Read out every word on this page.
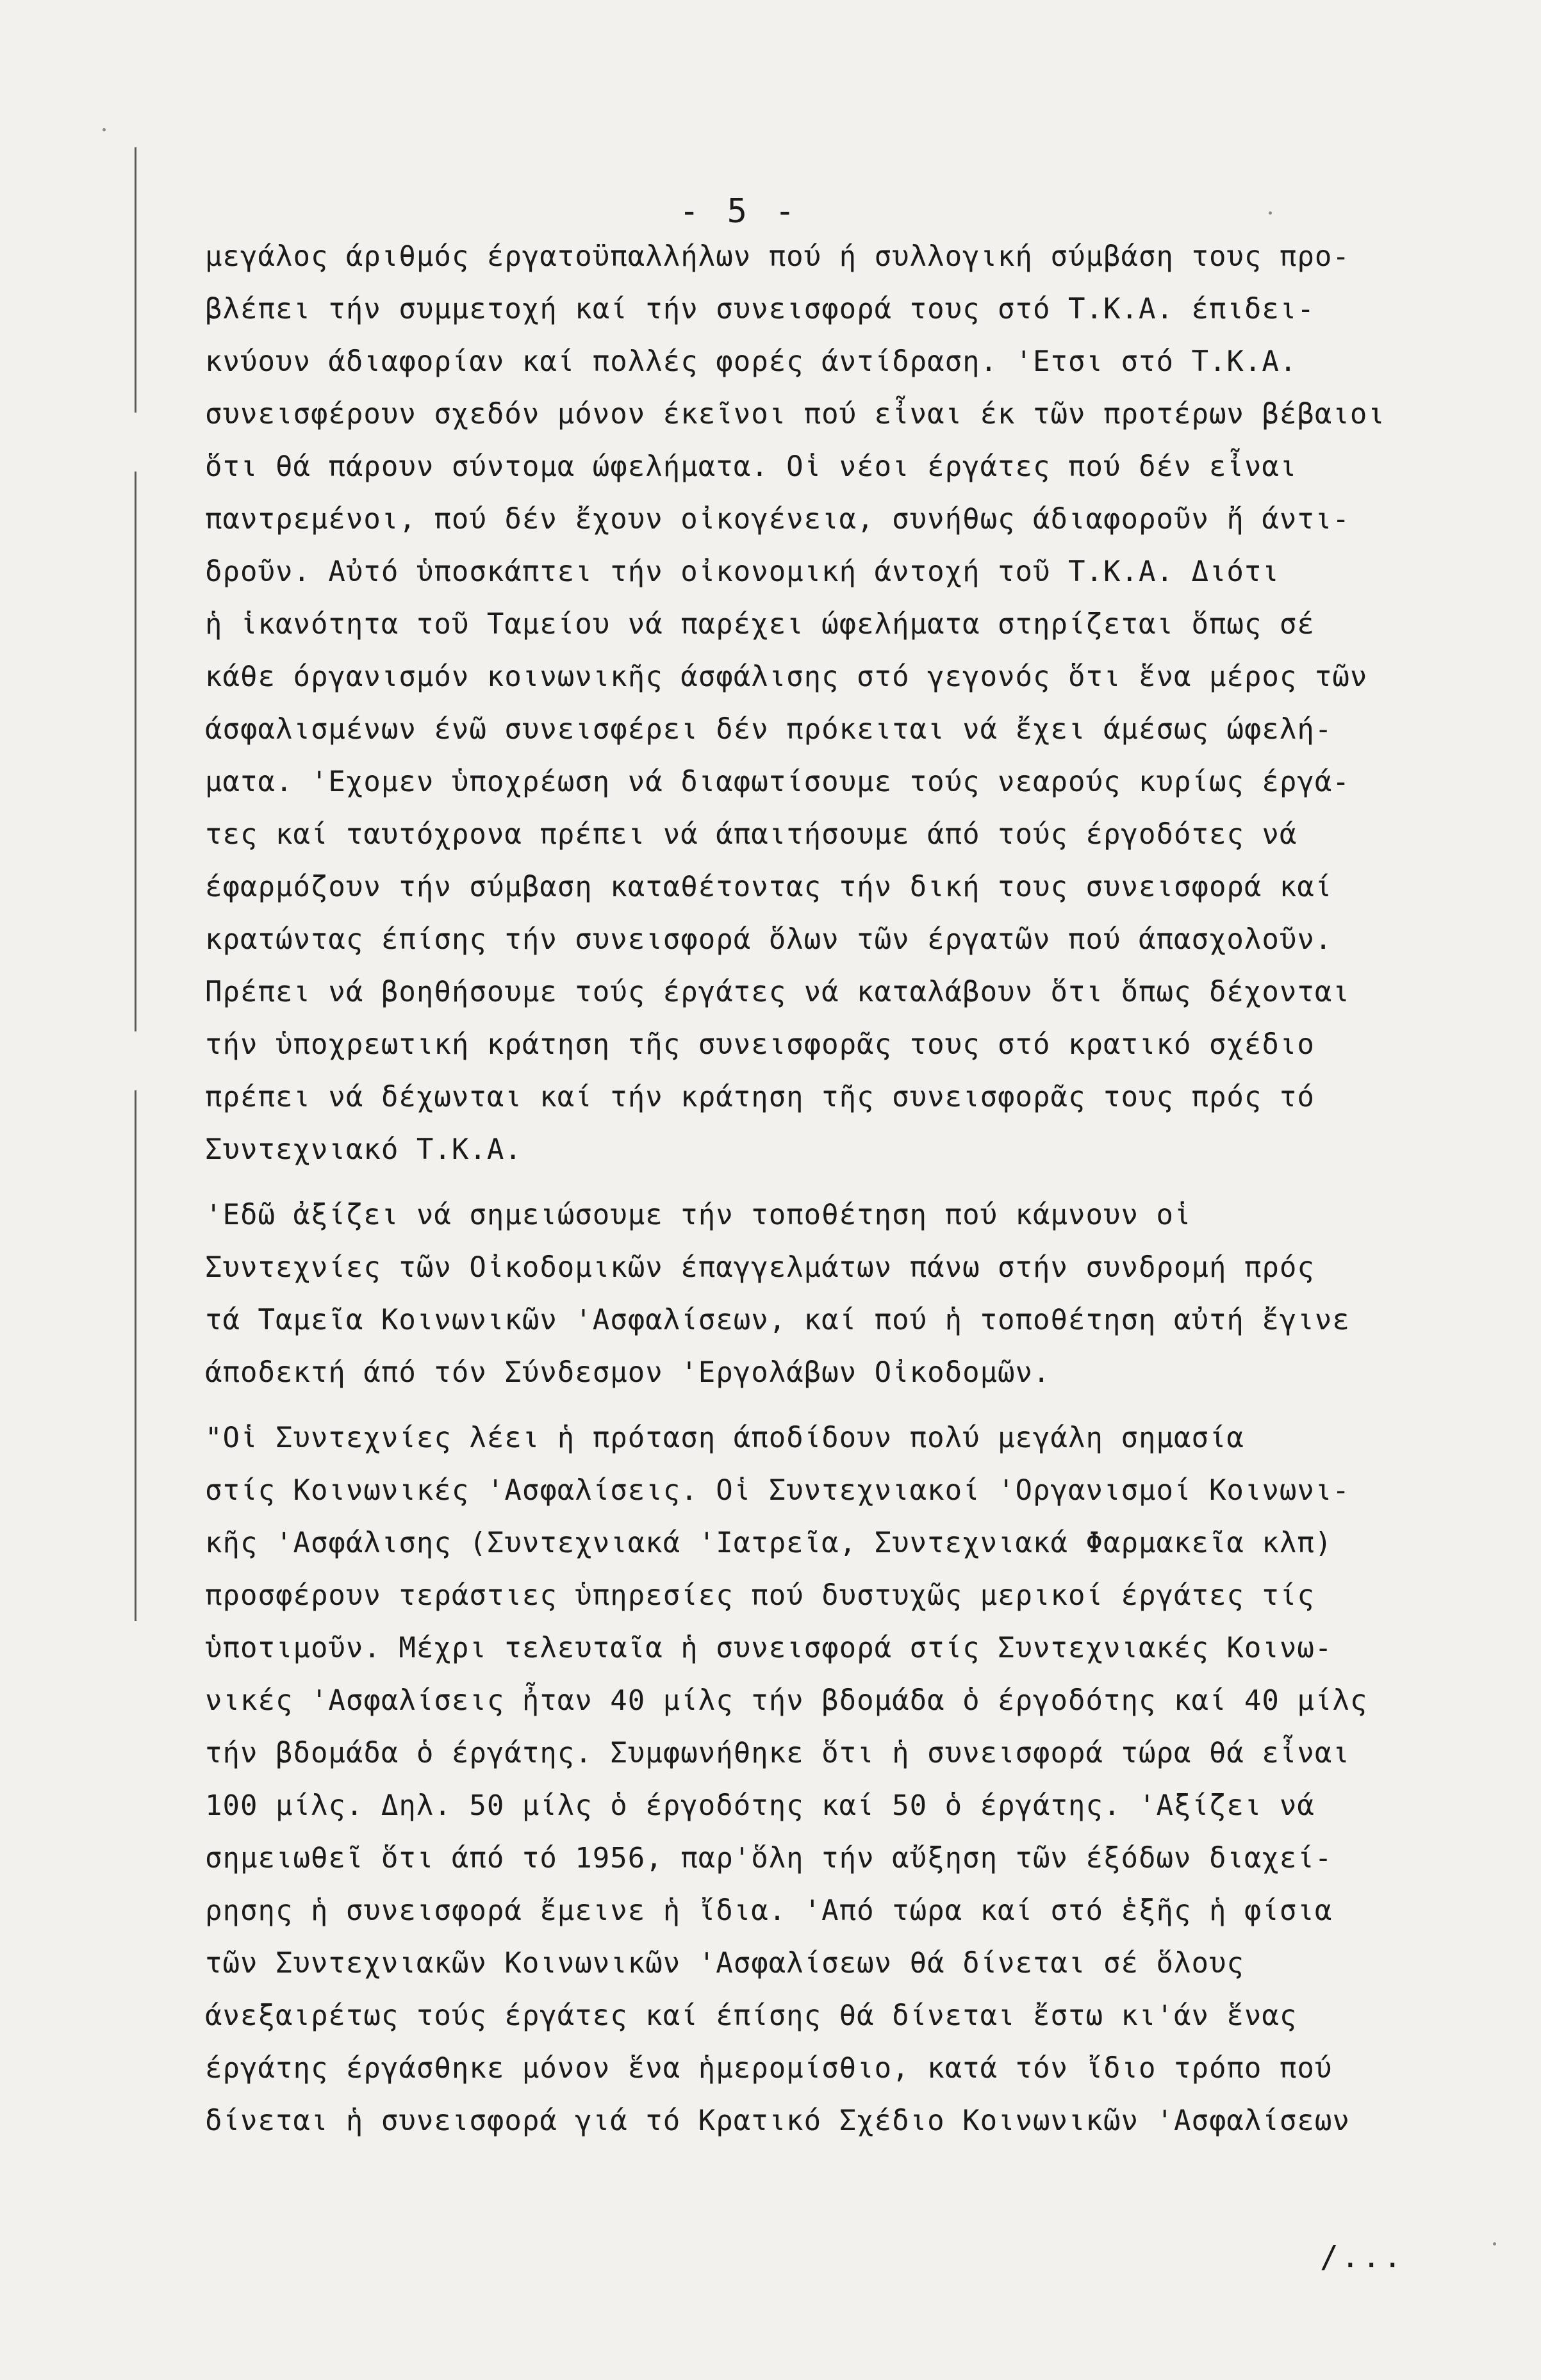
- 5 -
μεγάλος άριθμός έργατοϋπαλλήλων πού ή συλλογική σύμβάση τους προ-
βλέπει τήν συμμετοχή καί τήν συνεισφορά τους στό Τ.Κ.Α. έπιδει-
κνύουν άδιαφορίαν καί πολλές φορές άντίδραση. 'Ετσι στό Τ.Κ.Α.
συνεισφέρουν σχεδόν μόνον έκεῖνοι πού εἶναι έκ τῶν προτέρων βέβαιοι
ὅτι θά πάρουν σύντομα ώφελήματα. Οἱ νέοι έργάτες πού δέν εἶναι
παντρεμένοι, πού δέν ἔχουν οἰκογένεια, συνήθως άδιαφοροῦν ἤ άντι-
δροῦν. Αὐτό ὑποσκάπτει τήν οἰκονομική άντοχή τοῦ Τ.Κ.Α. Διότι
ἡ ἱκανότητα τοῦ Ταμείου νά παρέχει ώφελήματα στηρίζεται ὅπως σέ
κάθε όργανισμόν κοινωνικῆς άσφάλισης στό γεγονός ὅτι ἕνα μέρος τῶν
άσφαλισμένων ένῶ συνεισφέρει δέν πρόκειται νά ἔχει άμέσως ώφελή-
ματα. 'Εχομεν ὑποχρέωση νά διαφωτίσουμε τούς νεαρούς κυρίως έργά-
τες καί ταυτόχρονα πρέπει νά άπαιτήσουμε άπό τούς έργοδότες νά
έφαρμόζουν τήν σύμβαση καταθέτοντας τήν δική τους συνεισφορά καί
κρατώντας έπίσης τήν συνεισφορά ὅλων τῶν έργατῶν πού άπασχολοῦν.
Πρέπει νά βοηθήσουμε τούς έργάτες νά καταλάβουν ὅτι ὅπως δέχονται
τήν ὑποχρεωτική κράτηση τῆς συνεισφορᾶς τους στό κρατικό σχέδιο
πρέπει νά δέχωνται καί τήν κράτηση τῆς συνεισφορᾶς τους πρός τό
Συντεχνιακό Τ.Κ.Α.
'Εδῶ ἀξίζει νά σημειώσουμε τήν τοποθέτηση πού κάμνουν οἱ
Συντεχνίες τῶν Οἰκοδομικῶν έπαγγελμάτων πάνω στήν συνδρομή πρός
τά Ταμεῖα Κοινωνικῶν 'Ασφαλίσεων, καί πού ἡ τοποθέτηση αὐτή ἔγινε
άποδεκτή άπό τόν Σύνδεσμον 'Εργολάβων Οἰκοδομῶν.
"Οἱ Συντεχνίες λέει ἡ πρόταση άποδίδουν πολύ μεγάλη σημασία
στίς Κοινωνικές 'Ασφαλίσεις. Οἱ Συντεχνιακοί 'Οργανισμοί Κοινωνι-
κῆς 'Ασφάλισης (Συντεχνιακά 'Ιατρεῖα, Συντεχνιακά Φαρμακεῖα κλπ)
προσφέρουν τεράστιες ὑπηρεσίες πού δυστυχῶς μερικοί έργάτες τίς
ὑποτιμοῦν. Μέχρι τελευταῖα ἡ συνεισφορά στίς Συντεχνιακές Κοινω-
νικές 'Ασφαλίσεις ἦταν 40 μίλς τήν βδομάδα ὁ έργοδότης καί 40 μίλς
τήν βδομάδα ὁ έργάτης. Συμφωνήθηκε ὅτι ἡ συνεισφορά τώρα θά εἶναι
100 μίλς. Δηλ. 50 μίλς ὁ έργοδότης καί 50 ὁ έργάτης. 'Αξίζει νά
σημειωθεῖ ὅτι άπό τό 1956, παρ'ὅλη τήν αὔξηση τῶν έξόδων διαχεί-
ρησης ἡ συνεισφορά ἔμεινε ἡ ἴδια. 'Από τώρα καί στό ἑξῆς ἡ φίσια
τῶν Συντεχνιακῶν Κοινωνικῶν 'Ασφαλίσεων θά δίνεται σέ ὅλους
άνεξαιρέτως τούς έργάτες καί έπίσης θά δίνεται ἔστω κι'άν ἕνας
έργάτης έργάσθηκε μόνον ἕνα ἡμερομίσθιο, κατά τόν ἴδιο τρόπο πού
δίνεται ἡ συνεισφορά γιά τό Κρατικό Σχέδιο Κοινωνικῶν 'Ασφαλίσεων
/...
